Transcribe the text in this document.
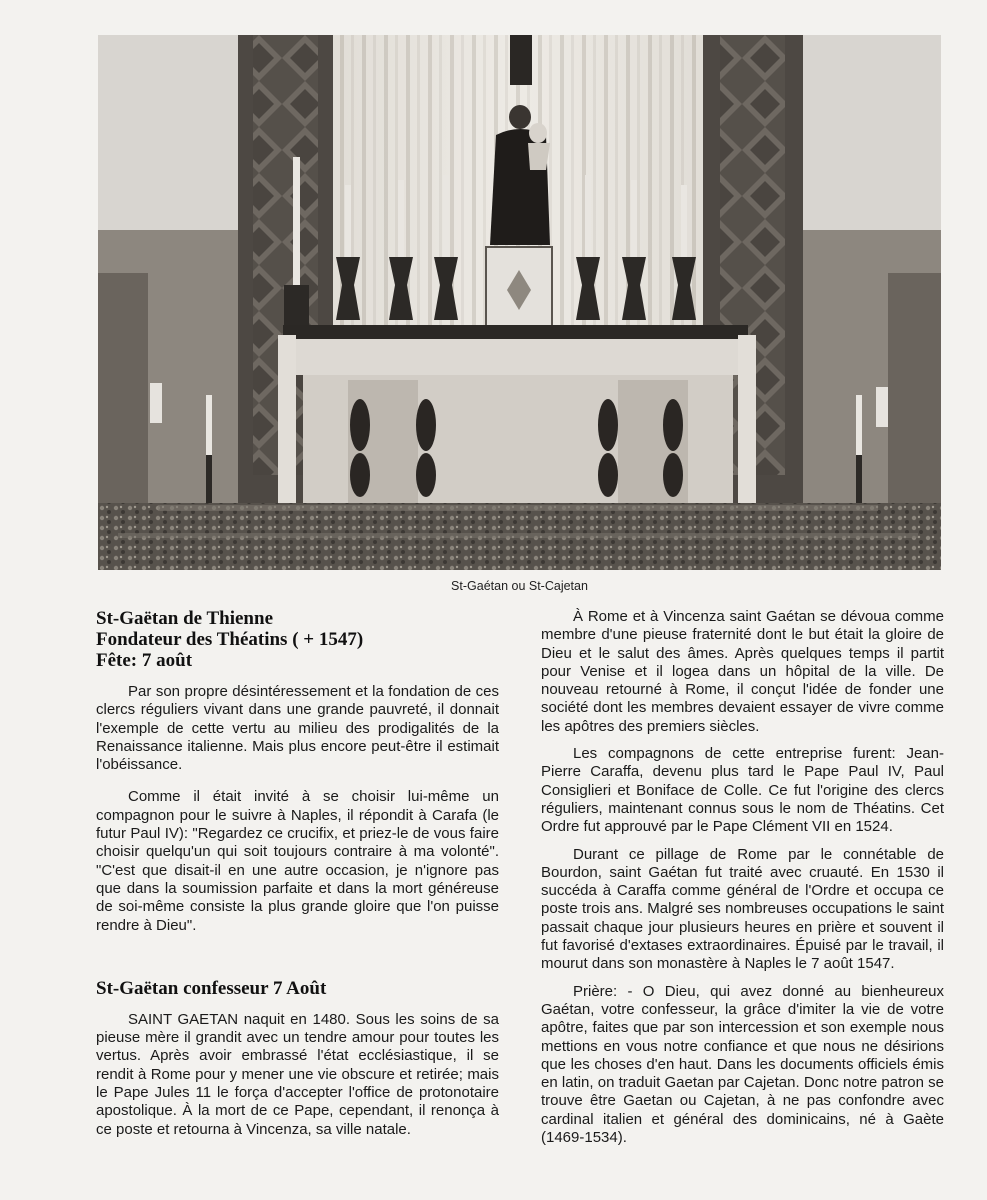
St-Gaétan ou St-Cajetan
St-Gaëtan de Thienne
Fondateur des Théatins ( + 1547)
Fête: 7 août

Par son propre désintéressement et la fondation de ces clercs réguliers vivant dans une grande pauvreté, il donnait l'exemple de cette vertu au milieu des prodigalités de la Renaissance italienne. Mais plus encore peut-être il estimait l'obéissance.

Comme il était invité à se choisir lui-même un compagnon pour le suivre à Naples, il répondit à Carafa (le futur Paul IV): "Regardez ce crucifix, et priez-le de vous faire choisir quelqu'un qui soit toujours contraire à ma volonté". "C'est que disait-il en une autre occasion, je n'ignore pas que dans la soumission parfaite et dans la mort généreuse de soi-même consiste la plus grande gloire que l'on puisse rendre à Dieu".

St-Gaëtan confesseur 7 Août

SAINT GAETAN naquit en 1480. Sous les soins de sa pieuse mère il grandit avec un tendre amour pour toutes les vertus. Après avoir embrassé l'état ecclésiastique, il se rendit à Rome pour y mener une vie obscure et retirée; mais le Pape Jules 11 le força d'accepter l'office de protonotaire apostolique. À la mort de ce Pape, cependant, il renonça à ce poste et retourna à Vincenza, sa ville natale.

À Rome et à Vincenza saint Gaétan se dévoua comme membre d'une pieuse fraternité dont le but était la gloire de Dieu et le salut des âmes. Après quelques temps il partit pour Venise et il logea dans un hôpital de la ville. De nouveau retourné à Rome, il conçut l'idée de fonder une société dont les membres devaient essayer de vivre comme les apôtres des premiers siècles.

Les compagnons de cette entreprise furent: Jean-Pierre Caraffa, devenu plus tard le Pape Paul IV, Paul Consiglieri et Boniface de Colle. Ce fut l'origine des clercs réguliers, maintenant connus sous le nom de Théatins. Cet Ordre fut approuvé par le Pape Clément VII en 1524.

Durant ce pillage de Rome par le connétable de Bourdon, saint Gaétan fut traité avec cruauté. En 1530 il succéda à Caraffa comme général de l'Ordre et occupa ce poste trois ans. Malgré ses nombreuses occupations le saint passait chaque jour plusieurs heures en prière et souvent il fut favorisé d'extases extraordinaires. Épuisé par le travail, il mourut dans son monastère à Naples le 7 août 1547.

Prière: - O Dieu, qui avez donné au bienheureux Gaétan, votre confesseur, la grâce d'imiter la vie de votre apôtre, faites que par son intercession et son exemple nous mettions en vous notre confiance et que nous ne désirions que les choses d'en haut. Dans les documents officiels émis en latin, on traduit Gaetan par Cajetan. Donc notre patron se trouve être Gaetan ou Cajetan, à ne pas confondre avec cardinal italien et général des dominicains, né à Gaète (1469-1534).
